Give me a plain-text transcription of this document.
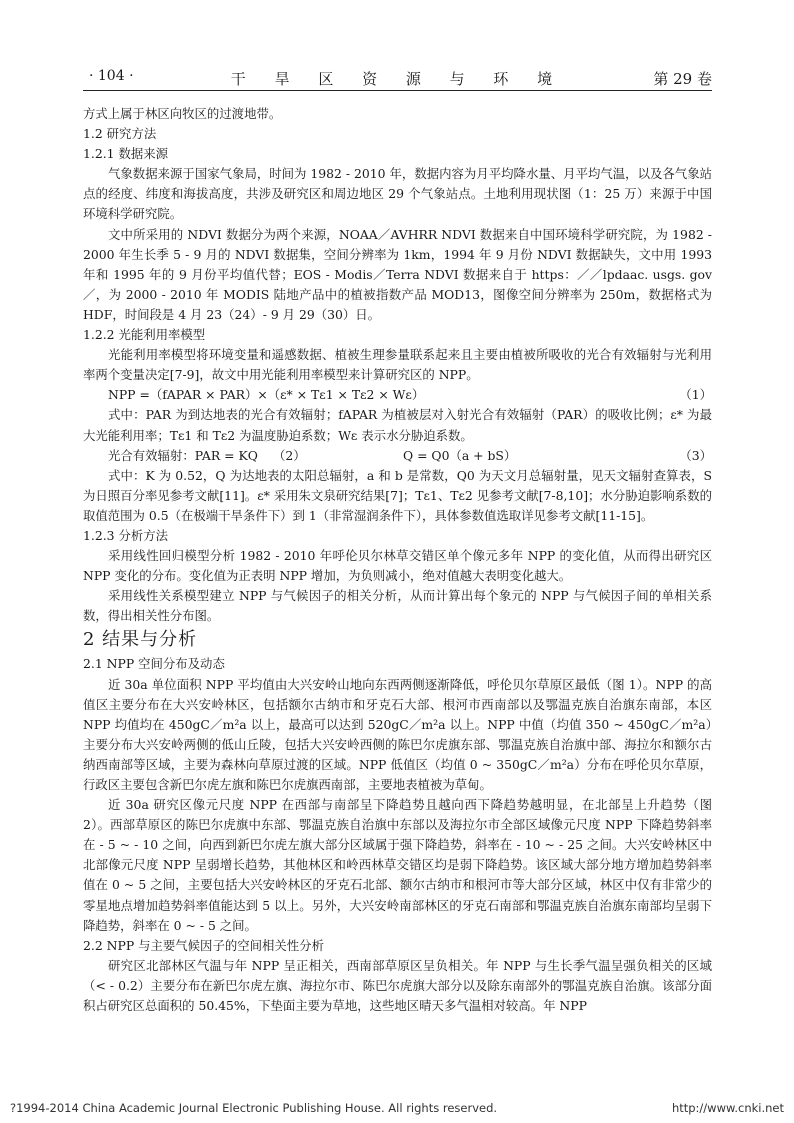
· 104 ·	干 旱 区 资 源 与 环 境	第 29 卷

方式上属于林区向牧区的过渡地带。

1.2 研究方法

1.2.1 数据来源

气象数据来源于国家气象局，时间为 1982 - 2010 年，数据内容为月平均降水量、月平均气温，以及各气象站点的经度、纬度和海拔高度，共涉及研究区和周边地区 29 个气象站点。土地利用现状图（1：25 万）来源于中国环境科学研究院。

文中所采用的 NDVI 数据分为两个来源，NOAA／AVHRR NDVI 数据来自中国环境科学研究院，为 1982 - 2000 年生长季 5 - 9 月的 NDVI 数据集，空间分辨率为 1km，1994 年 9 月份 NDVI 数据缺失，文中用 1993 年和 1995 年的 9 月份平均值代替；EOS - Modis／Terra NDVI 数据来自于 https：／／lpdaac. usgs. gov／，为 2000 - 2010 年 MODIS 陆地产品中的植被指数产品 MOD13，图像空间分辨率为 250m，数据格式为 HDF，时间段是 4 月 23（24）- 9 月 29（30）日。

1.2.2 光能利用率模型

光能利用率模型将环境变量和遥感数据、植被生理参量联系起来且主要由植被所吸收的光合有效辐射与光利用率两个变量决定[7-9]，故文中用光能利用率模型来计算研究区的 NPP。

NPP =（fAPAR × PAR）×（ε* × Tε1 × Tε2 × Wε）	（1）

式中：PAR 为到达地表的光合有效辐射；fAPAR 为植被层对入射光合有效辐射（PAR）的吸收比例；ε* 为最大光能利用率；Tε1 和 Tε2 为温度胁迫系数；Wε 表示水分胁迫系数。

光合有效辐射：PAR = KQ （2）	Q = Q0（a + bS）	（3）

式中：K 为 0.52，Q 为达地表的太阳总辐射，a 和 b 是常数，Q0 为天文月总辐射量，见天文辐射查算表，S 为日照百分率见参考文献[11]。ε* 采用朱文泉研究结果[7]；Tε1、Tε2 见参考文献[7-8,10]；水分胁迫影响系数的取值范围为 0.5（在极端干旱条件下）到 1（非常湿润条件下），具体参数值选取详见参考文献[11-15]。

1.2.3 分析方法

采用线性回归模型分析 1982 - 2010 年呼伦贝尔林草交错区单个像元多年 NPP 的变化值，从而得出研究区 NPP 变化的分布。变化值为正表明 NPP 增加，为负则减小，绝对值越大表明变化越大。

采用线性关系模型建立 NPP 与气候因子的相关分析，从而计算出每个象元的 NPP 与气候因子间的单相关系数，得出相关性分布图。

2 结果与分析

2.1 NPP 空间分布及动态

近 30a 单位面积 NPP 平均值由大兴安岭山地向东西两侧逐渐降低，呼伦贝尔草原区最低（图 1）。NPP 的高值区主要分布在大兴安岭林区，包括额尔古纳市和牙克石大部、根河市西南部以及鄂温克族自治旗东南部，本区 NPP 均值均在 450gC／m²a 以上，最高可以达到 520gC／m²a 以上。NPP 中值（均值 350 ~ 450gC／m²a）主要分布大兴安岭两侧的低山丘陵，包括大兴安岭西侧的陈巴尔虎旗东部、鄂温克族自治旗中部、海拉尔和额尔古纳西南部等区域，主要为森林向草原过渡的区域。NPP 低值区（均值 0 ~ 350gC／m²a）分布在呼伦贝尔草原，行政区主要包含新巴尔虎左旗和陈巴尔虎旗西南部，主要地表植被为草甸。

近 30a 研究区像元尺度 NPP 在西部与南部呈下降趋势且越向西下降趋势越明显，在北部呈上升趋势（图 2）。西部草原区的陈巴尔虎旗中东部、鄂温克族自治旗中东部以及海拉尔市全部区域像元尺度 NPP 下降趋势斜率在 - 5 ~ - 10 之间，向西到新巴尔虎左旗大部分区域属于强下降趋势，斜率在 - 10 ~ - 25 之间。大兴安岭林区中北部像元尺度 NPP 呈弱增长趋势，其他林区和岭西林草交错区均是弱下降趋势。该区域大部分地方增加趋势斜率值在 0 ~ 5 之间，主要包括大兴安岭林区的牙克石北部、额尔古纳市和根河市等大部分区域，林区中仅有非常少的零星地点增加趋势斜率值能达到 5 以上。另外，大兴安岭南部林区的牙克石南部和鄂温克族自治旗东南部均呈弱下降趋势，斜率在 0 ~ - 5 之间。

2.2 NPP 与主要气候因子的空间相关性分析

研究区北部林区气温与年 NPP 呈正相关，西南部草原区呈负相关。年 NPP 与生长季气温呈强负相关的区域（< - 0.2）主要分布在新巴尔虎左旗、海拉尔市、陈巴尔虎旗大部分以及除东南部外的鄂温克族自治旗。该部分面积占研究区总面积的 50.45%，下垫面主要为草地，这些地区晴天多气温相对较高。年 NPP

?1994-2014 China Academic Journal Electronic Publishing House. All rights reserved.	http://www.cnki.net
